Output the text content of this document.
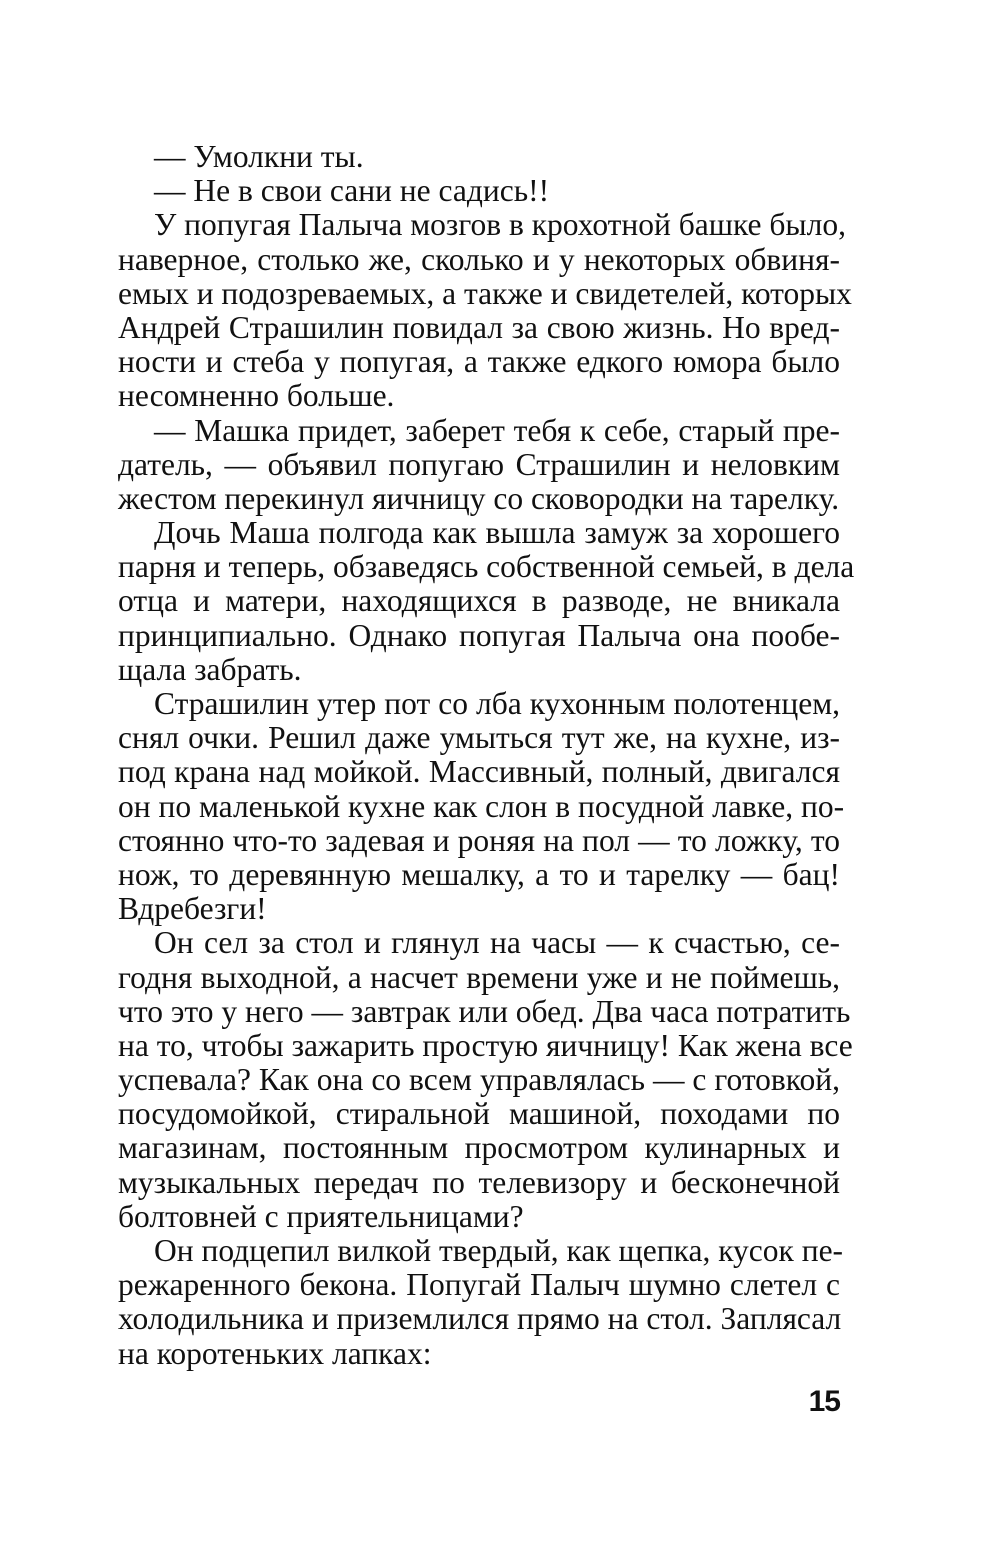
— Умолкни ты.

— Не в свои сани не садись!!

У попугая Палыча мозгов в крохотной башке было,
наверное, столько же, сколько и у некоторых обвиня-
емых и подозреваемых, а также и свидетелей, которых
Андрей Страшилин повидал за свою жизнь. Но вред-
ности и стеба у попугая, а также едкого юмора было
несомненно больше.

— Машка придет, заберет тебя к себе, старый пре-
датель, — объявил попугаю Страшилин и неловким
жестом перекинул яичницу со сковородки на тарелку.

Дочь Маша полгода как вышла замуж за хорошего
парня и теперь, обзаведясь собственной семьей, в дела
отца и матери, находящихся в разводе, не вникала
принципиально. Однако попугая Палыча она пообе-
щала забрать.

Страшилин утер пот со лба кухонным полотенцем,
снял очки. Решил даже умыться тут же, на кухне, из-
под крана над мойкой. Массивный, полный, двигался
он по маленькой кухне как слон в посудной лавке, по-
стоянно что-то задевая и роняя на пол — то ложку, то
нож, то деревянную мешалку, а то и тарелку — бац!
Вдребезги!

Он сел за стол и глянул на часы — к счастью, се-
годня выходной, а насчет времени уже и не поймешь,
что это у него — завтрак или обед. Два часа потратить
на то, чтобы зажарить простую яичницу! Как жена все
успевала? Как она со всем управлялась — с готовкой,
посудомойкой, стиральной машиной, походами по
магазинам, постоянным просмотром кулинарных и
музыкальных передач по телевизору и бесконечной
болтовней с приятельницами?

Он подцепил вилкой твердый, как щепка, кусок пе-
режаренного бекона. Попугай Палыч шумно слетел с
холодильника и приземлился прямо на стол. Заплясал
на коротеньких лапках:

15
